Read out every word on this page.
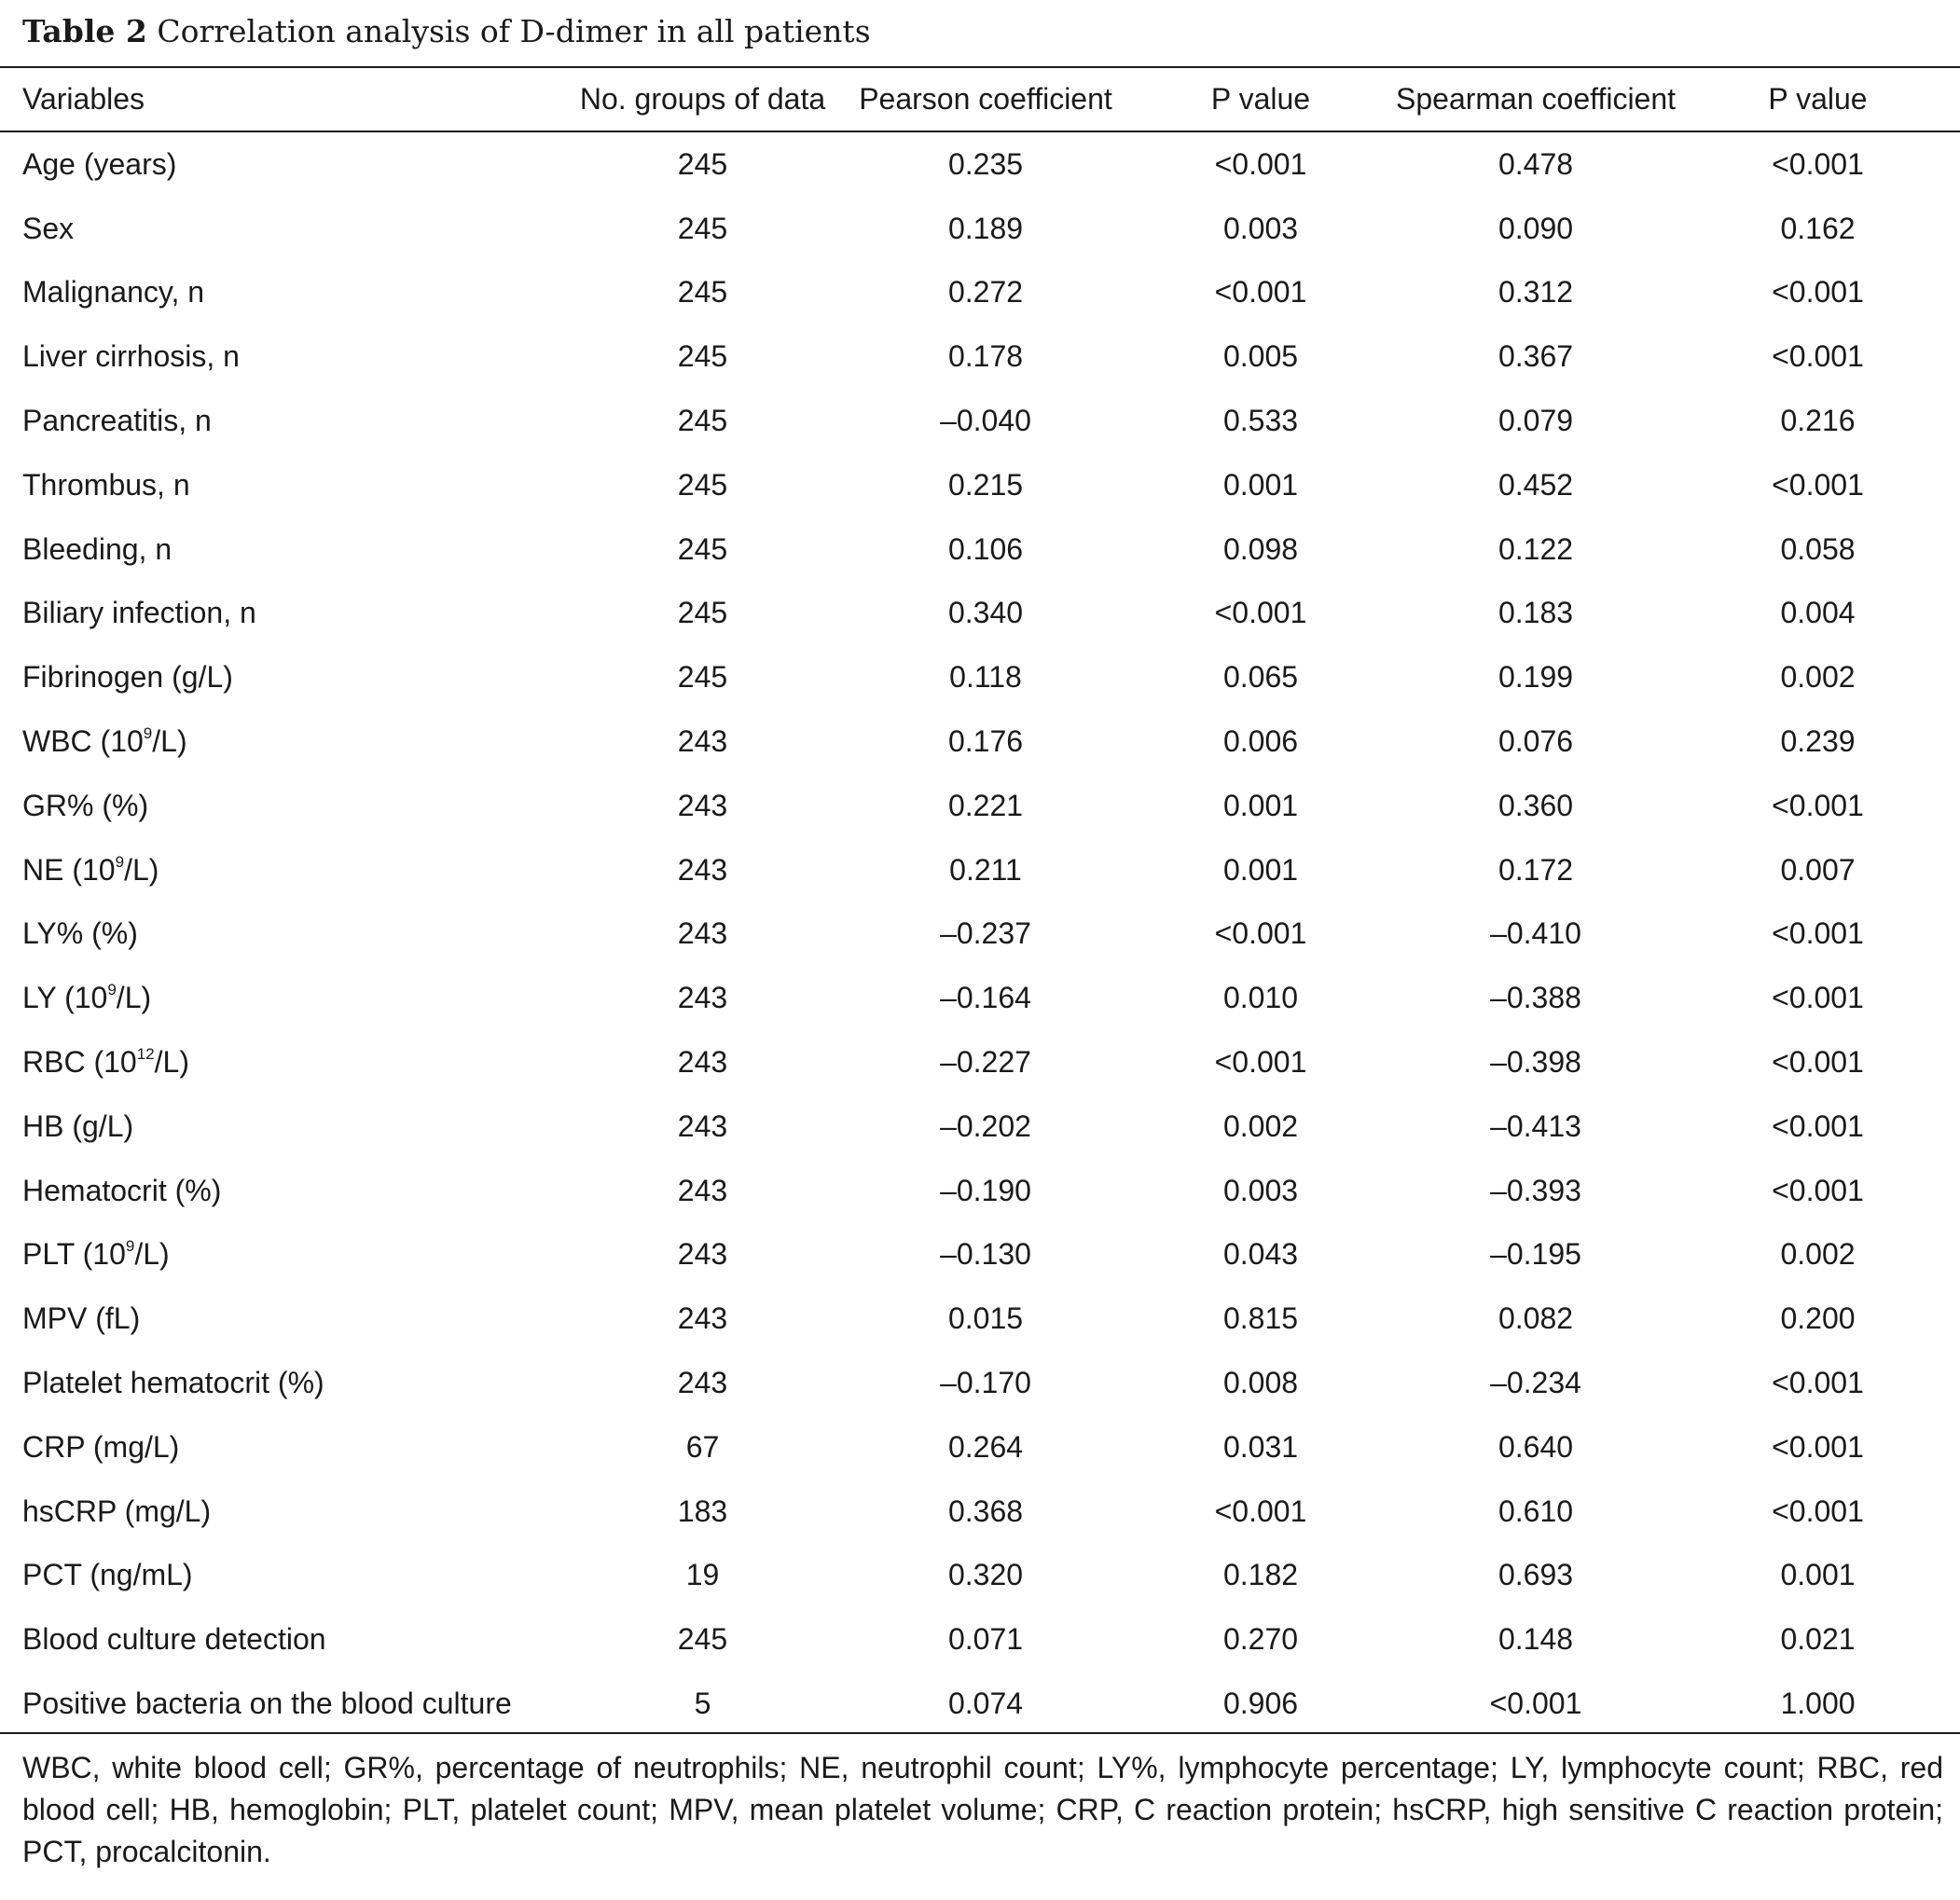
Table 2 Correlation analysis of D-dimer in all patients
Variables	No. groups of data	Pearson coefficient	P value	Spearman coefficient	P value
Age (years)	245	0.235	<0.001	0.478	<0.001
Sex	245	0.189	0.003	0.090	0.162
Malignancy, n	245	0.272	<0.001	0.312	<0.001
Liver cirrhosis, n	245	0.178	0.005	0.367	<0.001
Pancreatitis, n	245	–0.040	0.533	0.079	0.216
Thrombus, n	245	0.215	0.001	0.452	<0.001
Bleeding, n	245	0.106	0.098	0.122	0.058
Biliary infection, n	245	0.340	<0.001	0.183	0.004
Fibrinogen (g/L)	245	0.118	0.065	0.199	0.002
WBC $(10^9/L)$	243	0.176	0.006	0.076	0.239
GR% (%)	243	0.221	0.001	0.360	<0.001
NE $(10^9/L)$	243	0.211	0.001	0.172	0.007
LY% (%)	243	–0.237	<0.001	–0.410	<0.001
LY $(10^9/L)$	243	–0.164	0.010	–0.388	<0.001
RBC $(10^{12}/L)$	243	–0.227	<0.001	–0.398	<0.001
HB (g/L)	243	–0.202	0.002	–0.413	<0.001
Hematocrit (%)	243	–0.190	0.003	–0.393	<0.001
PLT $(10^9/L)$	243	–0.130	0.043	–0.195	0.002
MPV (fL)	243	0.015	0.815	0.082	0.200
Platelet hematocrit (%)	243	–0.170	0.008	–0.234	<0.001
CRP (mg/L)	67	0.264	0.031	0.640	<0.001
hsCRP (mg/L)	183	0.368	<0.001	0.610	<0.001
PCT (ng/mL)	19	0.320	0.182	0.693	0.001
Blood culture detection	245	0.071	0.270	0.148	0.021
Positive bacteria on the blood culture	5	0.074	0.906	<0.001	1.000
WBC, white blood cell; GR%, percentage of neutrophils; NE, neutrophil count; LY%, lymphocyte percentage; LY, lymphocyte count; RBC, red blood cell; HB, hemoglobin; PLT, platelet count; MPV, mean platelet volume; CRP, C reaction protein; hsCRP, high sensitive C reaction protein; PCT, procalcitonin.
